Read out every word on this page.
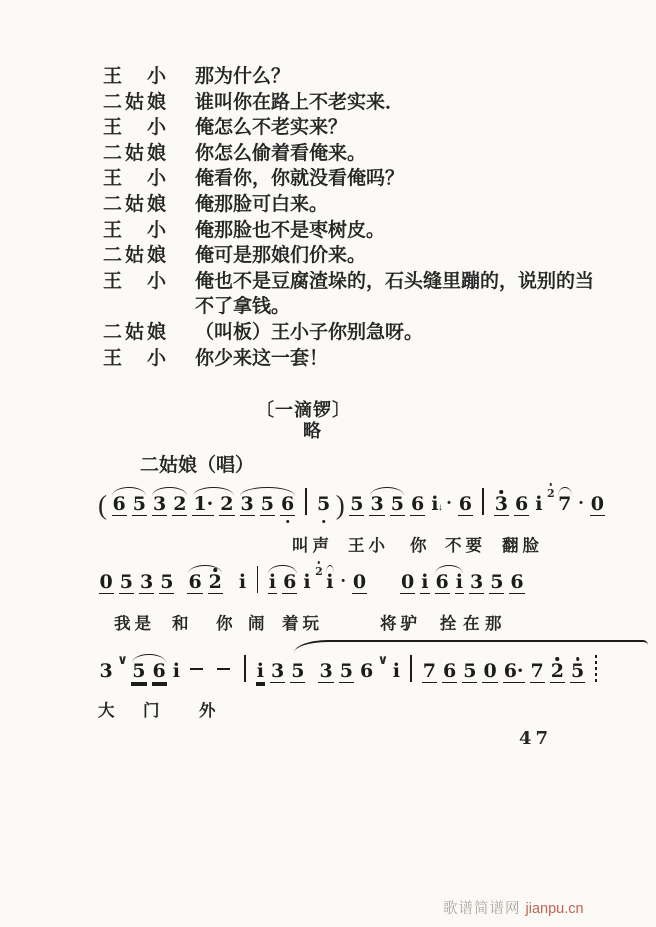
王　小	那为什么？
二姑娘	谁叫你在路上不老实来．
王　小	俺怎么不老实来？
二姑娘	你怎么偷着看俺来。
王　小	俺看你，你就没看俺吗？
二姑娘	俺那脸可白来。
王　小	俺那脸也不是枣树皮。
二姑娘	俺可是那娘们价来。
王　小	俺也不是豆腐渣垛的，石头缝里蹦的，说别的当不了拿钱。
二姑娘	（叫板）王小子你别急呀。
王　小	你少来这一套！
〔一滴锣〕
略
二姑娘（唱）
( 6 5 3 2 1· 2 3 5 6 5 ) 5 3 5 6 i↓ · 6 3 6 i 2 7 · 0
叫声 王小 你 不要 翻脸
0 5 3 5 6 2 i i 6 i 2 i · 0 0 i 6 i 3 5 6
我是 和 你 闹 着玩	将驴 拴 在 那
3∨5 6 i	i 3 5 3 5 6∨i 7 6 5 0 6· 7 2 5
大 门 外
47
歌谱简谱网 jianpu.cn
